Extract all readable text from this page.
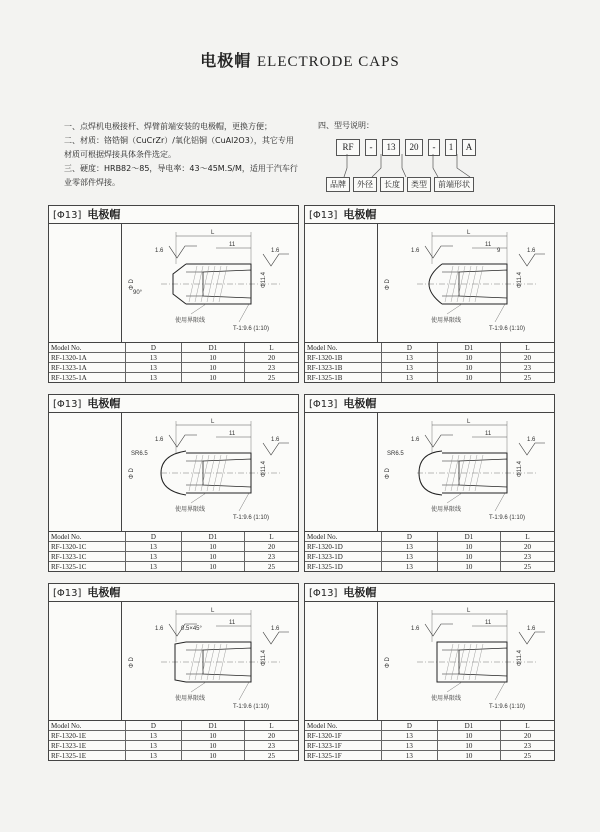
电极帽 ELECTRODE CAPS

一、点焊机电极接杆、焊臂前端安装的电极帽，更换方便；

二、材质：铬锆铜（CuCrZr）/氧化铝铜（CuAl2O3），其它专用材质可根据焊接具体条件选定。

三、硬度：HRB82～85，导电率：43～45M.S/M，适用于汽车行业零部件焊接。

四、型号说明：
RF	-	13	20	-	1	A
品牌	外径	长度	类型	前端形状
[Φ13] 电极帽
L
11
90°
1.6	1.6
Φ D	Φ11.4
使用界限线
T-1:9.6 (1:10)
Model No.	D	D1	L
RF-1320-1A	13	10	20
RF-1323-1A	13	10	23
RF-1325-1A	13	10	25
[Φ13] 电极帽
L
11
9
1.6	1.6
Φ D	Φ11.4
使用界限线
T-1:9.6 (1:10)
Model No.	D	D1	L
RF-1320-1B	13	10	20
RF-1323-1B	13	10	23
RF-1325-1B	13	10	25
[Φ13] 电极帽
L
11
SR6.5
1.6	1.6
Φ D	Φ11.4
使用界限线
T-1:9.6 (1:10)
Model No.	D	D1	L
RF-1320-1C	13	10	20
RF-1323-1C	13	10	23
RF-1325-1C	13	10	25
[Φ13] 电极帽
L
11
SR6.5
1.6	1.6
Φ D	Φ11.4
使用界限线
T-1:9.6 (1:10)
Model No.	D	D1	L
RF-1320-1D	13	10	20
RF-1323-1D	13	10	23
RF-1325-1D	13	10	25
[Φ13] 电极帽
L
11
0.5×45°
1.6	1.6
Φ D	Φ11.4
使用界限线
T-1:9.6 (1:10)
Model No.	D	D1	L
RF-1320-1E	13	10	20
RF-1323-1E	13	10	23
RF-1325-1E	13	10	25
[Φ13] 电极帽
L
11
1.6	1.6
Φ D	Φ11.4
使用界限线
T-1:9.6 (1:10)
Model No.	D	D1	L
RF-1320-1F	13	10	20
RF-1323-1F	13	10	23
RF-1325-1F	13	10	25
